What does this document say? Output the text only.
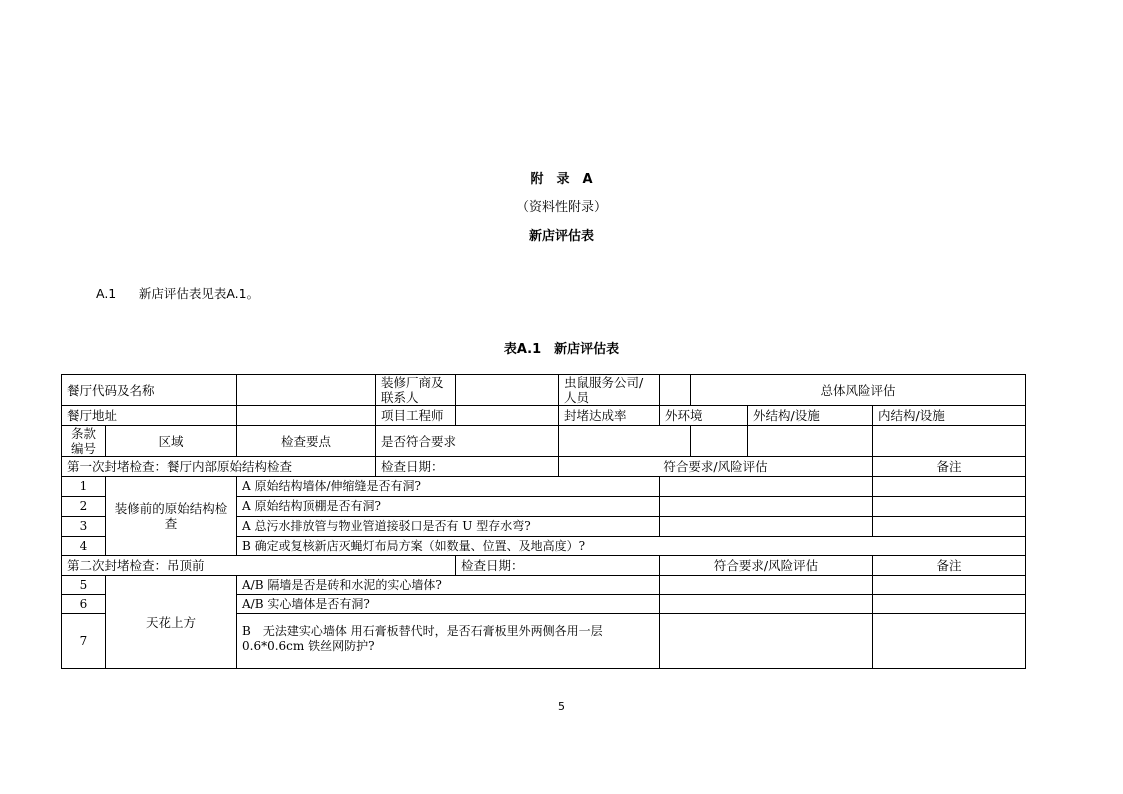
附　录　A
（资料性附录）
新店评估表
A.1 新店评估表见表A.1。
表A.1　新店评估表
餐厅代码及名称			装修厂商及联系人		虫鼠服务公司/人员		总体风险评估		
餐厅地址			项目工程师		封堵达成率	外环境		外结构/设施	内结构/设施
条款编号	区域	检查要点	是否符合要求						
第一次封堵检查：餐厅内部原始结构检查			检查日期：		符合要求/风险评估				备注
1	装修前的原始结构检查	A 原始结构墙体/伸缩缝是否有洞?							
2		A 原始结构顶棚是否有洞?							
3		A 总污水排放管与物业管道接驳口是否有 U 型存水弯?							
4		B 确定或复核新店灭蝇灯布局方案（如数量、位置、及地高度）?							
第二次封堵检查：吊顶前				检查日期：		符合要求/风险评估			备注
5	天花上方	A/B 隔墙是否是砖和水泥的实心墙体?							
6		A/B 实心墙体是否有洞?							
7		B　无法建实心墙体 用石膏板替代时，是否石膏板里外两侧各用一层0.6*0.6cm 铁丝网防护?							
5
